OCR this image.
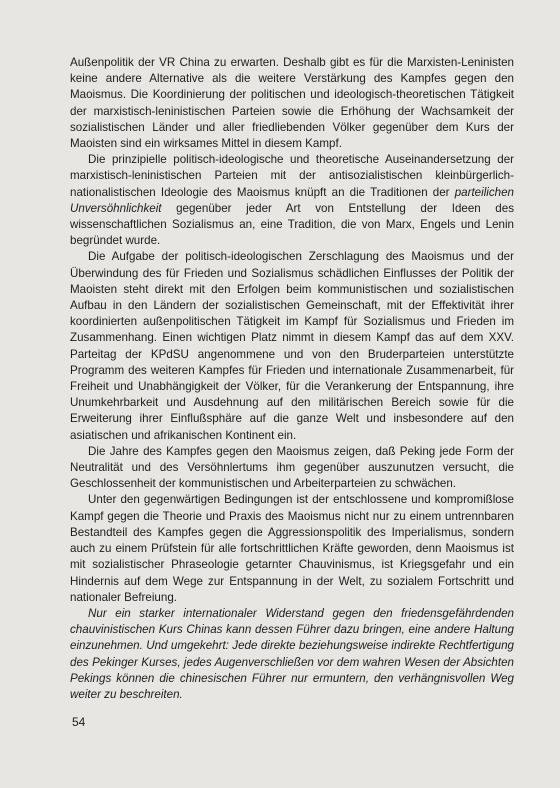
Außenpolitik der VR China zu erwarten. Deshalb gibt es für die Marxisten-Leninisten keine andere Alternative als die weitere Verstärkung des Kampfes gegen den Maoismus. Die Koordinierung der politischen und ideologisch-theoretischen Tätigkeit der marxistisch-leninistischen Parteien sowie die Erhöhung der Wachsamkeit der sozialistischen Länder und aller friedliebenden Völker gegenüber dem Kurs der Maoisten sind ein wirksames Mittel in diesem Kampf.

Die prinzipielle politisch-ideologische und theoretische Auseinandersetzung der marxistisch-leninistischen Parteien mit der antisozialistischen kleinbürgerlich-nationalistischen Ideologie des Maoismus knüpft an die Traditionen der parteilichen Unversöhnlichkeit gegenüber jeder Art von Entstellung der Ideen des wissenschaftlichen Sozialismus an, eine Tradition, die von Marx, Engels und Lenin begründet wurde.

Die Aufgabe der politisch-ideologischen Zerschlagung des Maoismus und der Überwindung des für Frieden und Sozialismus schädlichen Einflusses der Politik der Maoisten steht direkt mit den Erfolgen beim kommunistischen und sozialistischen Aufbau in den Ländern der sozialistischen Gemeinschaft, mit der Effektivität ihrer koordinierten außenpolitischen Tätigkeit im Kampf für Sozialismus und Frieden im Zusammenhang. Einen wichtigen Platz nimmt in diesem Kampf das auf dem XXV. Parteitag der KPdSU angenommene und von den Bruderparteien unterstützte Programm des weiteren Kampfes für Frieden und internationale Zusammenarbeit, für Freiheit und Unabhängigkeit der Völker, für die Verankerung der Entspannung, ihre Unumkehrbarkeit und Ausdehnung auf den militärischen Bereich sowie für die Erweiterung ihrer Einflußsphäre auf die ganze Welt und insbesondere auf den asiatischen und afrikanischen Kontinent ein.

Die Jahre des Kampfes gegen den Maoismus zeigen, daß Peking jede Form der Neutralität und des Versöhnlertums ihm gegenüber auszunutzen versucht, die Geschlossenheit der kommunistischen und Arbeiterparteien zu schwächen.

Unter den gegenwärtigen Bedingungen ist der entschlossene und kompromißlose Kampf gegen die Theorie und Praxis des Maoismus nicht nur zu einem untrennbaren Bestandteil des Kampfes gegen die Aggressionspolitik des Imperialismus, sondern auch zu einem Prüfstein für alle fortschrittlichen Kräfte geworden, denn Maoismus ist mit sozialistischer Phraseologie getarnter Chauvinismus, ist Kriegsgefahr und ein Hindernis auf dem Wege zur Entspannung in der Welt, zu sozialem Fortschritt und nationaler Befreiung.

Nur ein starker internationaler Widerstand gegen den friedensgefährdenden chauvinistischen Kurs Chinas kann dessen Führer dazu bringen, eine andere Haltung einzunehmen. Und umgekehrt: Jede direkte beziehungsweise indirekte Rechtfertigung des Pekinger Kurses, jedes Augenverschließen vor dem wahren Wesen der Absichten Pekings können die chinesischen Führer nur ermuntern, den verhängnisvollen Weg weiter zu beschreiten.

54
